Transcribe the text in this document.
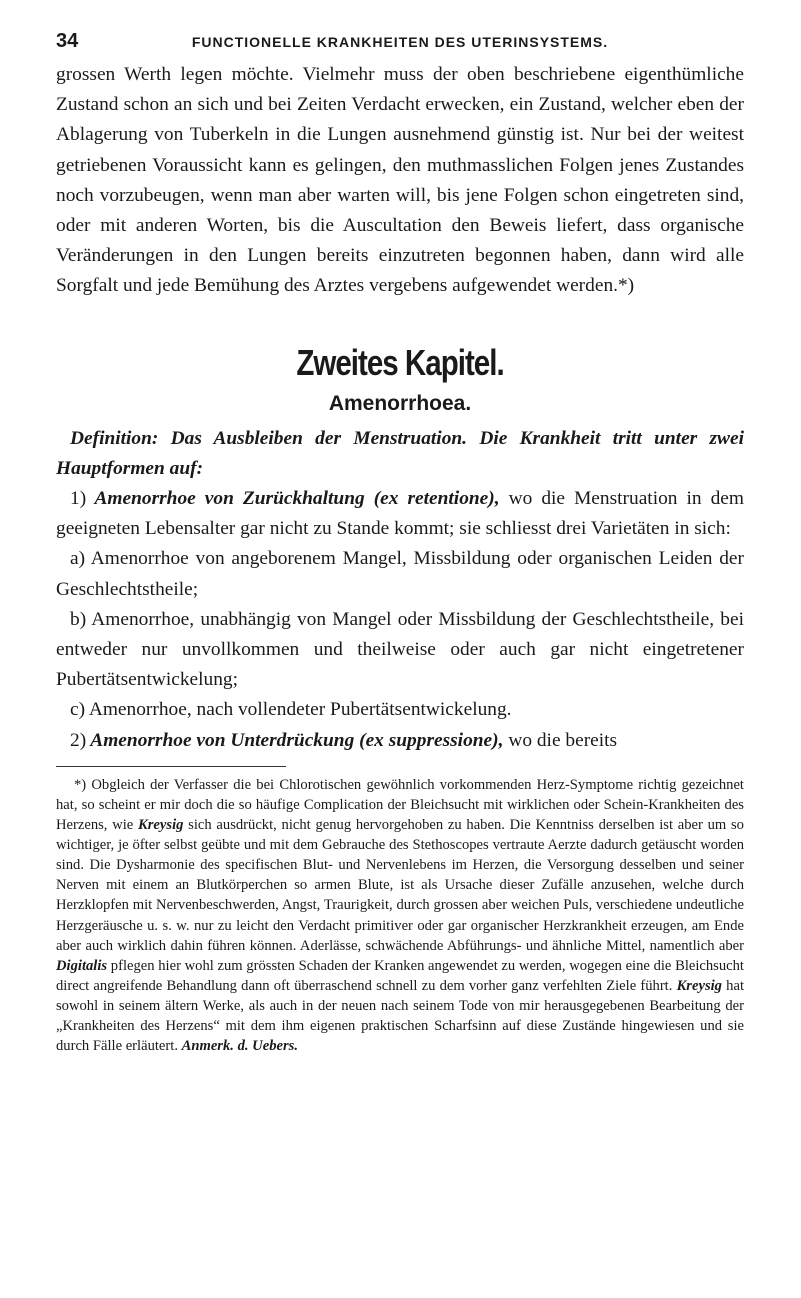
34	FUNCTIONELLE KRANKHEITEN DES UTERINSYSTEMS.

grossen Werth legen möchte. Vielmehr muss der oben beschriebene eigenthümliche Zustand schon an sich und bei Zeiten Verdacht erwecken, ein Zustand, welcher eben der Ablagerung von Tuberkeln in die Lungen ausnehmend günstig ist. Nur bei der weitest getriebenen Voraussicht kann es gelingen, den muthmasslichen Folgen jenes Zustandes noch vorzubeugen, wenn man aber warten will, bis jene Folgen schon eingetreten sind, oder mit anderen Worten, bis die Auscultation den Beweis liefert, dass organische Veränderungen in den Lungen bereits einzutreten begonnen haben, dann wird alle Sorgfalt und jede Bemühung des Arztes vergebens aufgewendet werden.*)

Zweites Kapitel.
Amenorrhoea.

Definition: Das Ausbleiben der Menstruation. Die Krankheit tritt unter zwei Hauptformen auf:

1) Amenorrhoe von Zurückhaltung (ex retentione), wo die Menstruation in dem geeigneten Lebensalter gar nicht zu Stande kommt; sie schliesst drei Varietäten in sich:

a) Amenorrhoe von angeborenem Mangel, Missbildung oder organischen Leiden der Geschlechtstheile;

b) Amenorrhoe, unabhängig von Mangel oder Missbildung der Geschlechtstheile, bei entweder nur unvollkommen und theilweise oder auch gar nicht eingetretener Pubertätsentwickelung;

c) Amenorrhoe, nach vollendeter Pubertätsentwickelung.

2) Amenorrhoe von Unterdrückung (ex suppressione), wo die bereits

*) Obgleich der Verfasser die bei Chlorotischen gewöhnlich vorkommenden Herz-Symptome richtig gezeichnet hat, so scheint er mir doch die so häufige Complication der Bleichsucht mit wirklichen oder Schein-Krankheiten des Herzens, wie Kreysig sich ausdrückt, nicht genug hervorgehoben zu haben. Die Kenntniss derselben ist aber um so wichtiger, je öfter selbst geübte und mit dem Gebrauche des Stethoscopes vertraute Aerzte dadurch getäuscht worden sind. Die Dysharmonie des specifischen Blut- und Nervenlebens im Herzen, die Versorgung desselben und seiner Nerven mit einem an Blutkörperchen so armen Blute, ist als Ursache dieser Zufälle anzusehen, welche durch Herzklopfen mit Nervenbeschwerden, Angst, Traurigkeit, durch grossen aber weichen Puls, verschiedene undeutliche Herzgeräusche u. s. w. nur zu leicht den Verdacht primitiver oder gar organischer Herzkrankheit erzeugen, am Ende aber auch wirklich dahin führen können. Aderlässe, schwächende Abführungs- und ähnliche Mittel, namentlich aber Digitalis pflegen hier wohl zum grössten Schaden der Kranken angewendet zu werden, wogegen eine die Bleichsucht direct angreifende Behandlung dann oft überraschend schnell zu dem vorher ganz verfehlten Ziele führt. Kreysig hat sowohl in seinem ältern Werke, als auch in der neuen nach seinem Tode von mir herausgegebenen Bearbeitung der „Krankheiten des Herzens“ mit dem ihm eigenen praktischen Scharfsinn auf diese Zustände hingewiesen und sie durch Fälle erläutert. Anmerk. d. Uebers.
